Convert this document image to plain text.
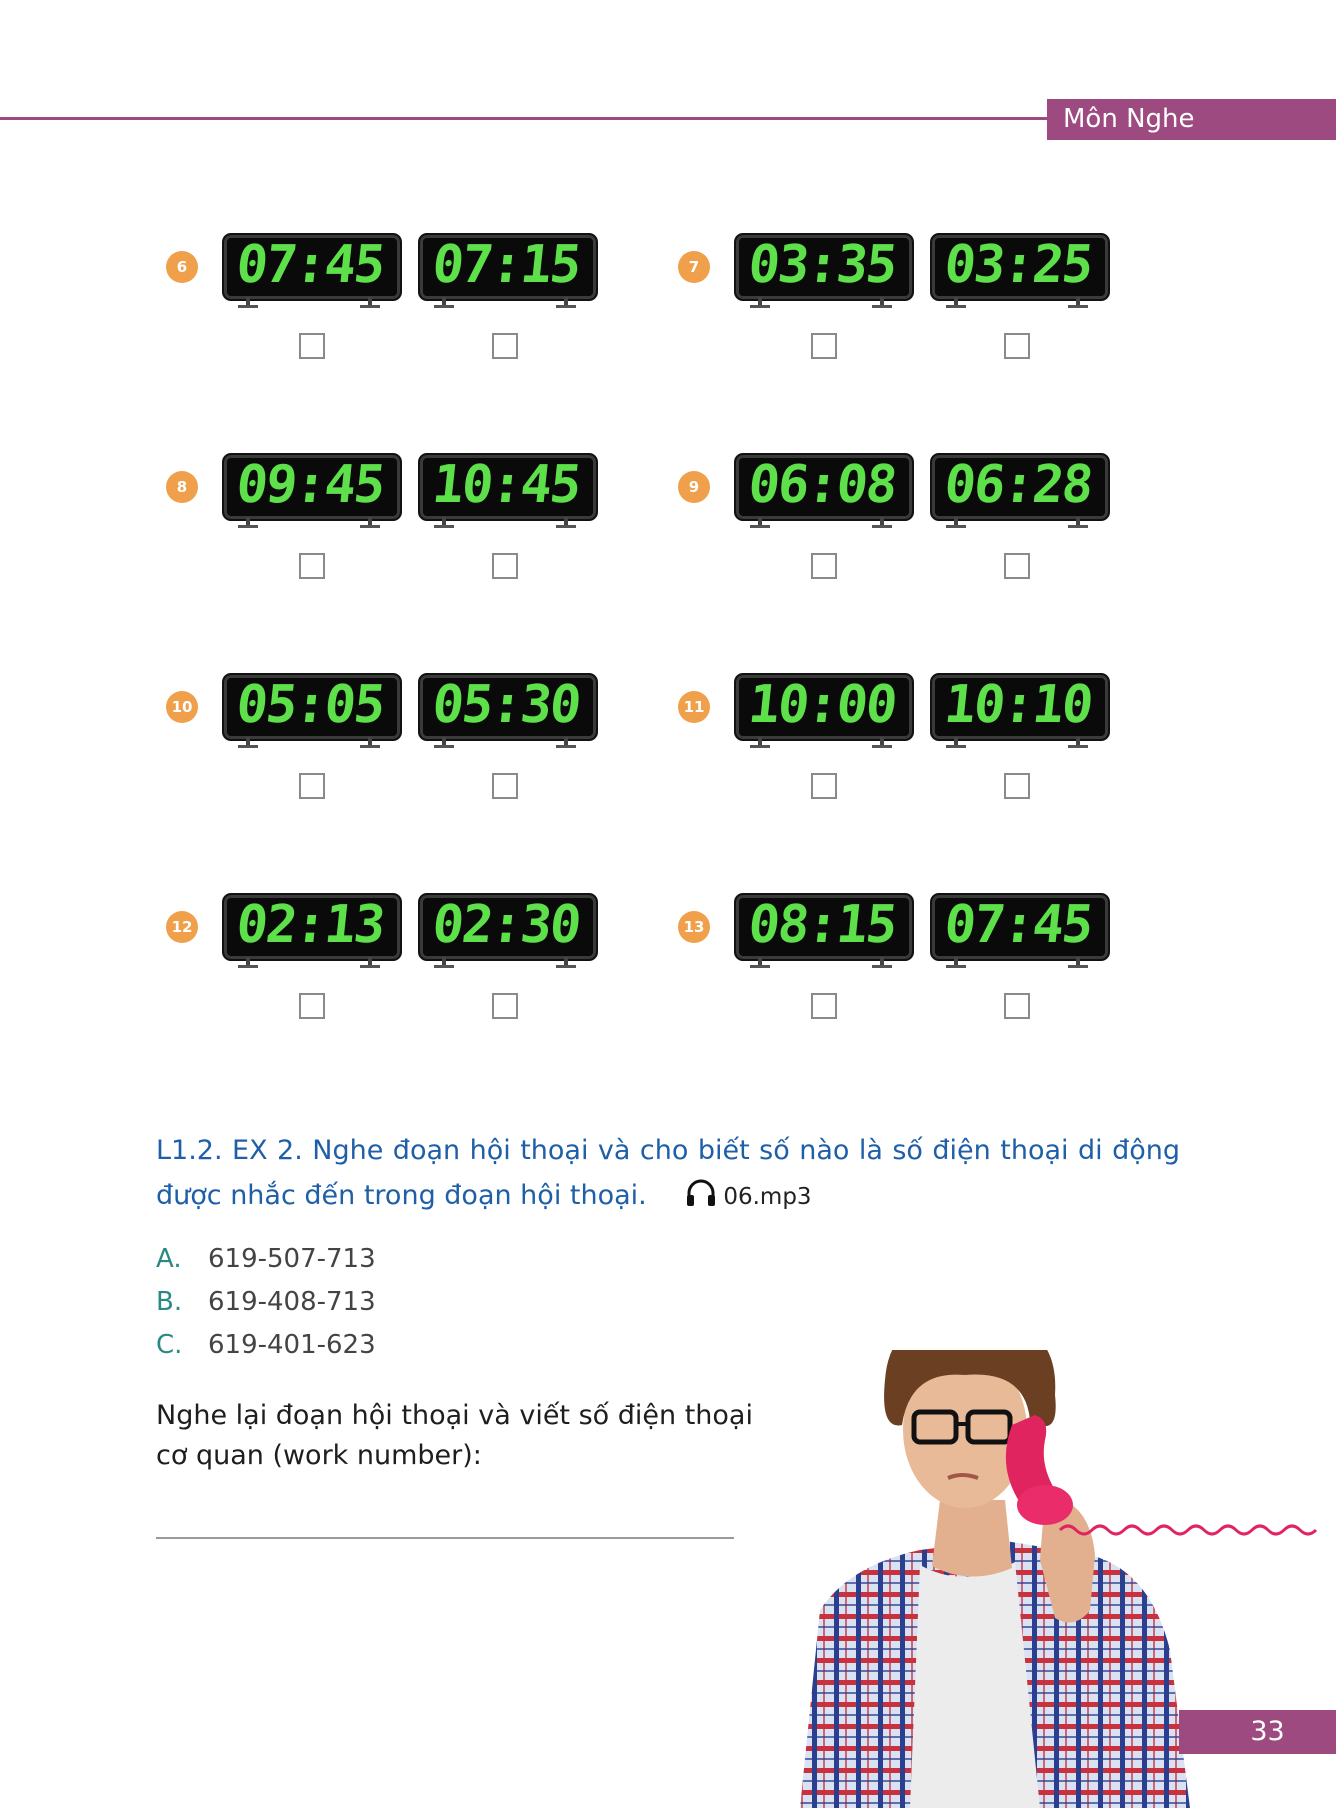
Môn Nghe
6 07:45 07:15	7 03:35 03:25
8 09:45 10:45	9 06:08 06:28
10 05:05 05:30	11 10:00 10:10
12 02:13 02:30	13 08:15 07:45
L1.2. EX 2. Nghe đoạn hội thoại và cho biết số nào là số điện thoại di động được nhắc đến trong đoạn hội thoại.	06.mp3
A. 619-507-713
B. 619-408-713
C. 619-401-623
Nghe lại đoạn hội thoại và viết số điện thoại
cơ quan (work number):
33
